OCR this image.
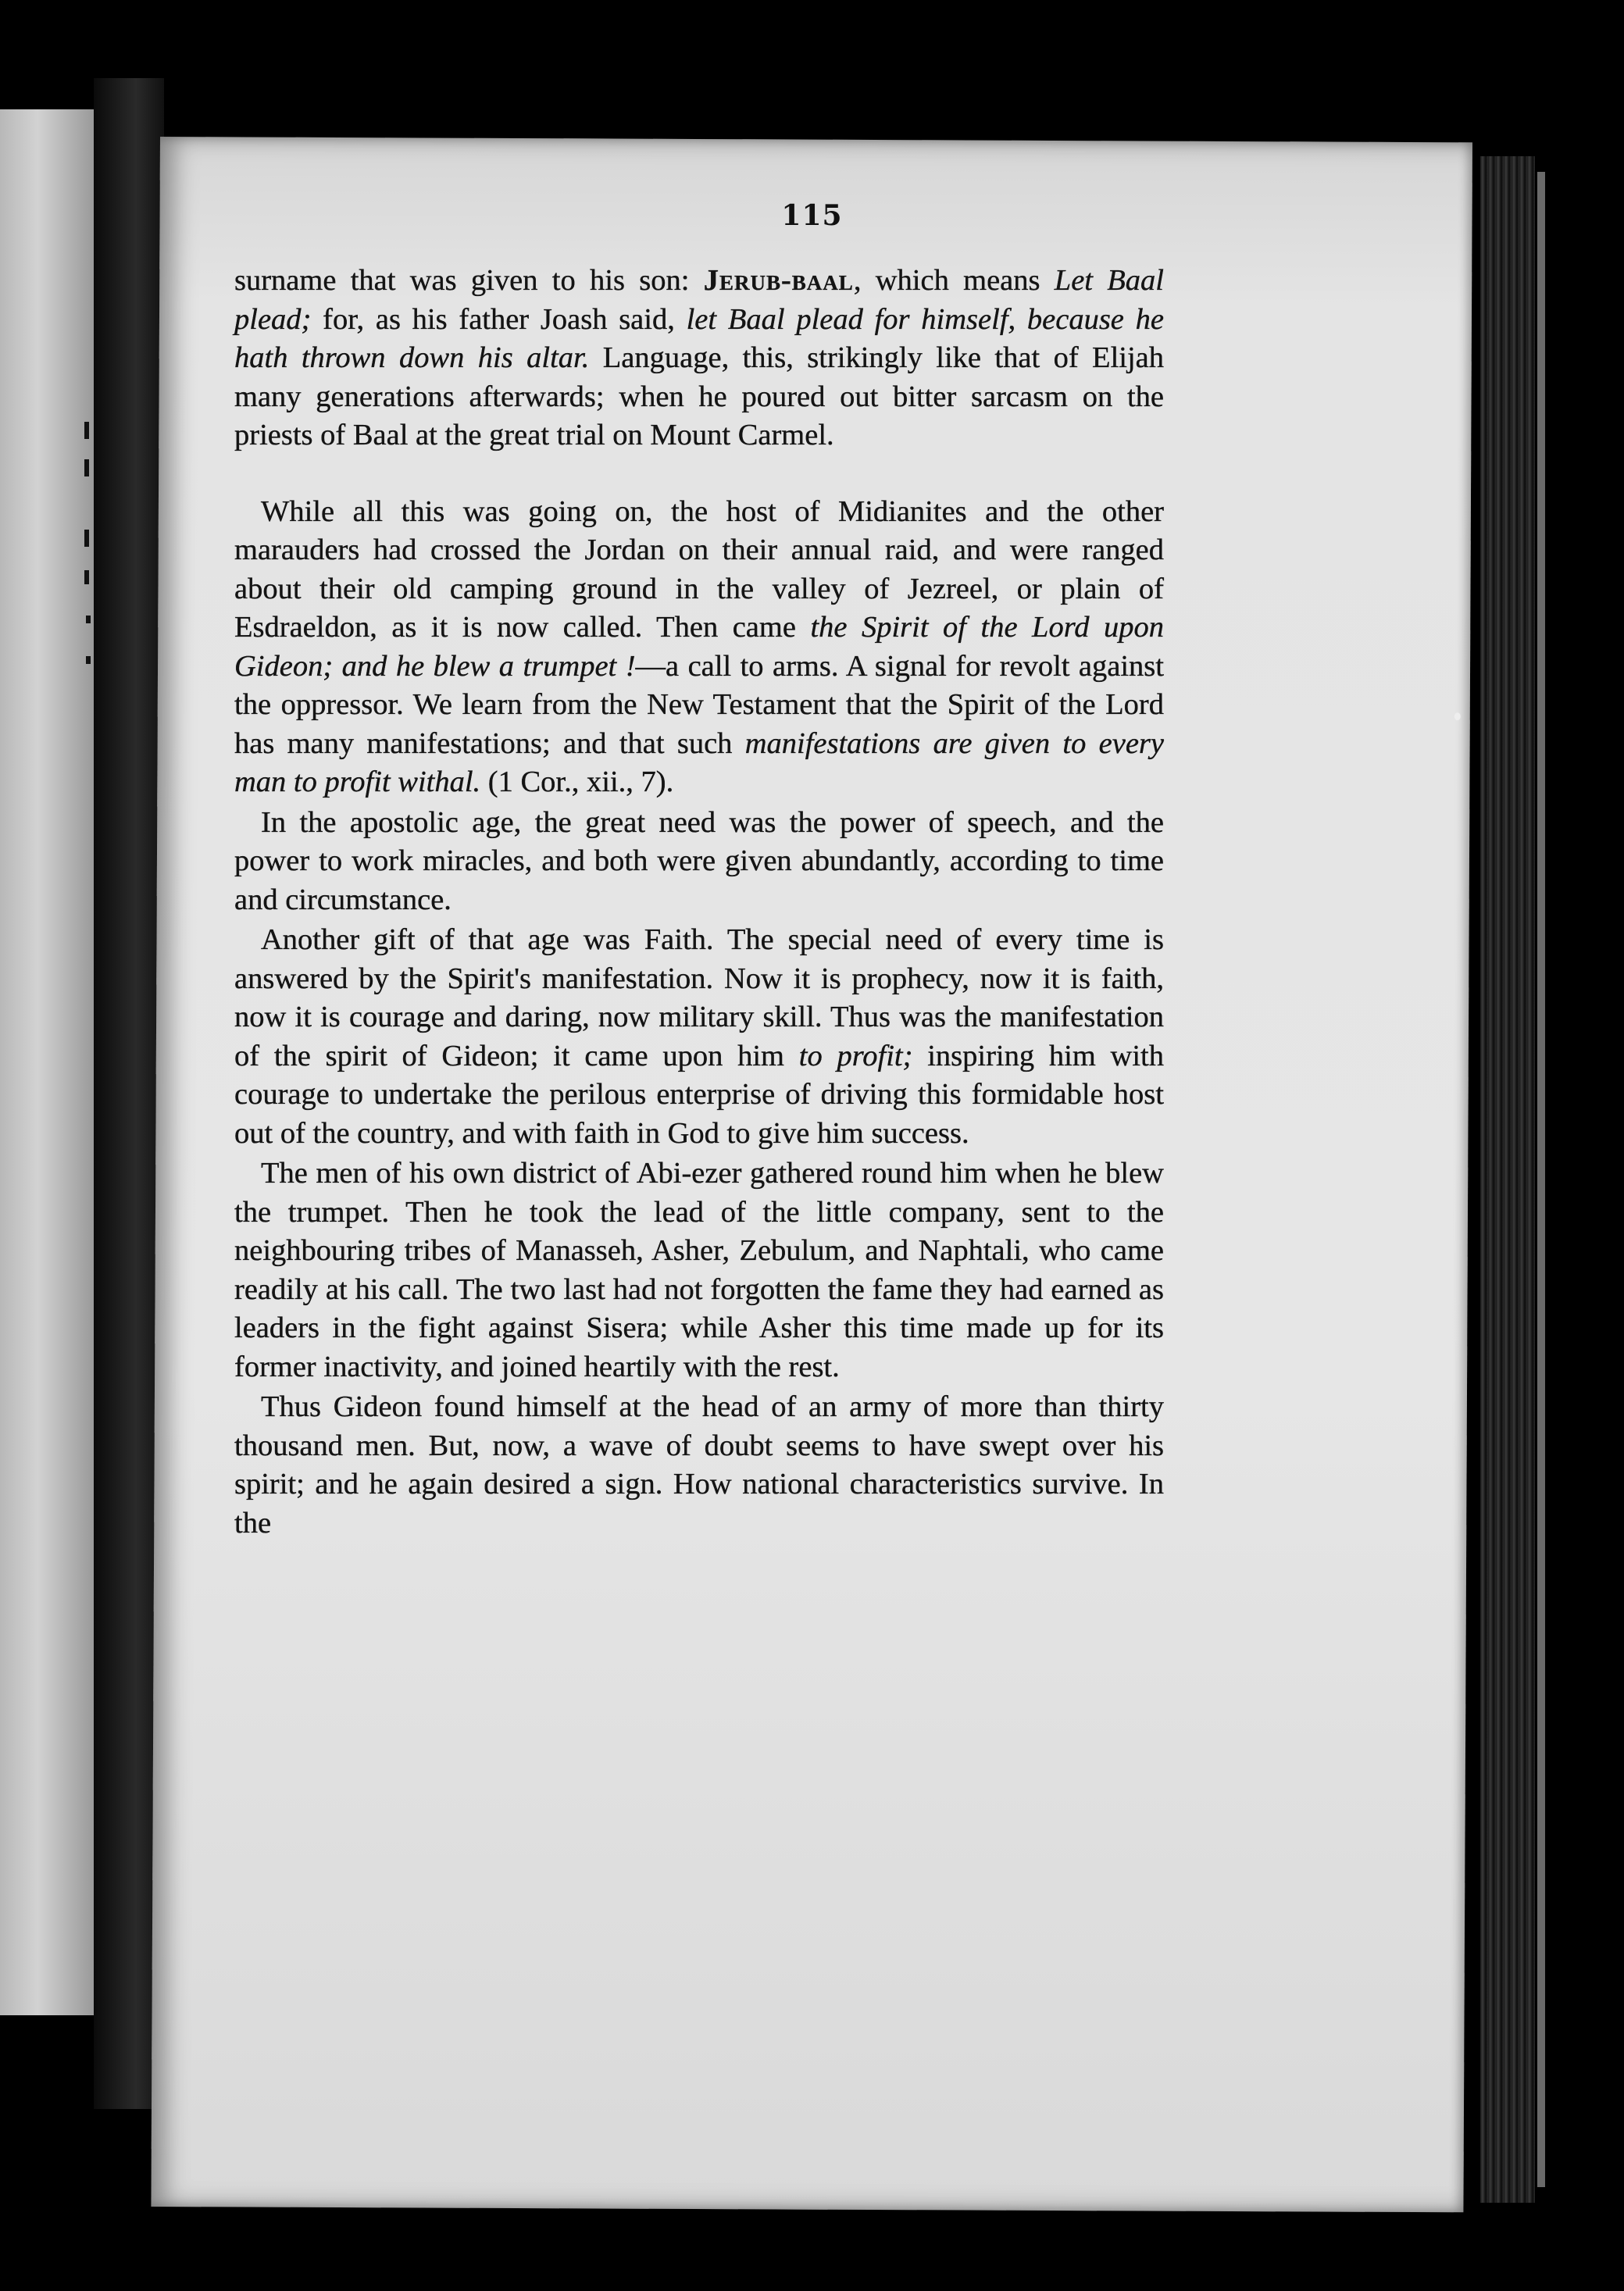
115

surname that was given to his son: Jerub-baal, which means Let Baal plead; for, as his father Joash said, let Baal plead for himself, because he hath thrown down his altar. Language, this, strikingly like that of Elijah many generations afterwards; when he poured out bitter sarcasm on the priests of Baal at the great trial on Mount Carmel.

While all this was going on, the host of Midianites and the other marauders had crossed the Jordan on their annual raid, and were ranged about their old camping ground in the valley of Jezreel, or plain of Esdraeldon, as it is now called. Then came the Spirit of the Lord upon Gideon; and he blew a trumpet !—a call to arms. A signal for revolt against the oppressor. We learn from the New Testament that the Spirit of the Lord has many manifestations; and that such manifestations are given to every man to profit withal. (1 Cor., xii., 7).

In the apostolic age, the great need was the power of speech, and the power to work miracles, and both were given abundantly, according to time and circumstance.

Another gift of that age was Faith. The special need of every time is answered by the Spirit's manifestation. Now it is prophecy, now it is faith, now it is courage and daring, now military skill. Thus was the manifestation of the spirit of Gideon; it came upon him to profit; inspiring him with courage to undertake the perilous enterprise of driving this formidable host out of the country, and with faith in God to give him success.

The men of his own district of Abi-ezer gathered round him when he blew the trumpet. Then he took the lead of the little company, sent to the neighbouring tribes of Manasseh, Asher, Zebulum, and Naphtali, who came readily at his call. The two last had not forgotten the fame they had earned as leaders in the fight against Sisera; while Asher this time made up for its former inactivity, and joined heartily with the rest.

Thus Gideon found himself at the head of an army of more than thirty thousand men. But, now, a wave of doubt seems to have swept over his spirit; and he again desired a sign. How national characteristics survive. In the
